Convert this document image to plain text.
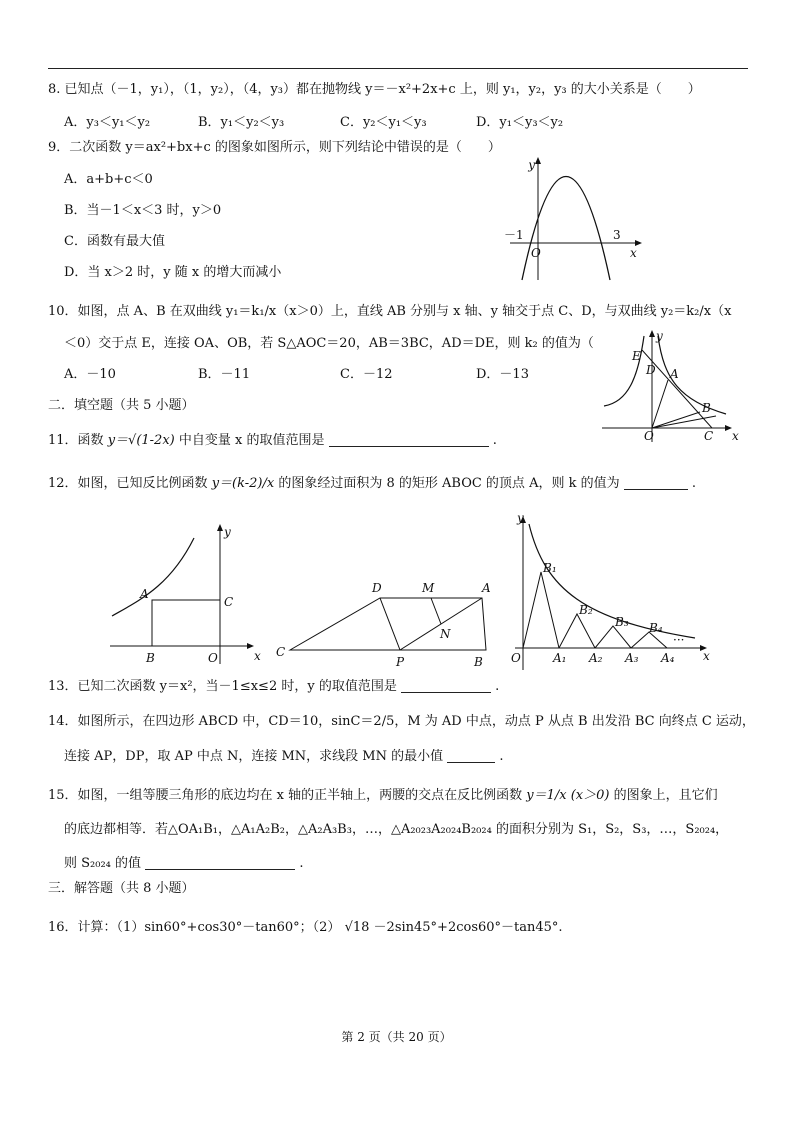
8. 已知点（－1，y₁），（1，y₂），（4，y₃）都在抛物线 y＝－x²+2x+c 上，则 y₁，y₂，y₃ 的大小关系是（　　）
A．y₃＜y₁＜y₂	B．y₁＜y₂＜y₃	C．y₂＜y₁＜y₃	D．y₁＜y₃＜y₂
9．二次函数 y＝ax²+bx+c 的图象如图所示，则下列结论中错误的是（　　）
A．a+b+c＜0
B．当－1＜x＜3 时，y＞0
C．函数有最大值
D．当 x＞2 时，y 随 x 的增大而减小
y
x
O
－1	3
10．如图，点 A、B 在双曲线 y₁＝k₁/x（x＞0）上，直线 AB 分别与 x 轴、y 轴交于点 C、D，与双曲线 y₂＝k₂/x（x
＜0）交于点 E，连接 OA、OB，若 S△AOC＝20，AB＝3BC，AD＝DE，则 k₂ 的值为（
A．－10	B．－11	C．－12	D．－13
y
x
E
D A
B
O	C
二．填空题（共 5 小题）
11．函数 y＝√(1-2x) 中自变量 x 的取值范围是	.
12．如图，已知反比例函数 y＝(k-2)/x 的图象经过面积为 8 的矩形 ABOC 的顶点 A，则 k 的值为	.
y
x
A
C
B	O
D	M	A
N
C
P	B
y
x
O
B₁
B₂
B₃ B₄
A₁ A₂ A₃ A₄
···
13．已知二次函数 y＝x²，当－1≤x≤2 时，y 的取值范围是	.
14．如图所示，在四边形 ABCD 中，CD＝10，sinC＝2/5，M 为 AD 中点，动点 P 从点 B 出发沿 BC 向终点 C 运动，
连接 AP，DP，取 AP 中点 N，连接 MN，求线段 MN 的最小值	.
15．如图，一组等腰三角形的底边均在 x 轴的正半轴上，两腰的交点在反比例函数 y＝1/x (x＞0) 的图象上，且它们
的底边都相等．若△OA₁B₁，△A₁A₂B₂，△A₂A₃B₃，…，△A₂₀₂₃A₂₀₂₄B₂₀₂₄ 的面积分别为 S₁，S₂，S₃，…，S₂₀₂₄，
则 S₂₀₂₄ 的值	.
三．解答题（共 8 小题）
16．计算：（1）sin60°+cos30°－tan60°；（2） √18 －2sin45°+2cos60°－tan45°.
第 2 页（共 20 页）
